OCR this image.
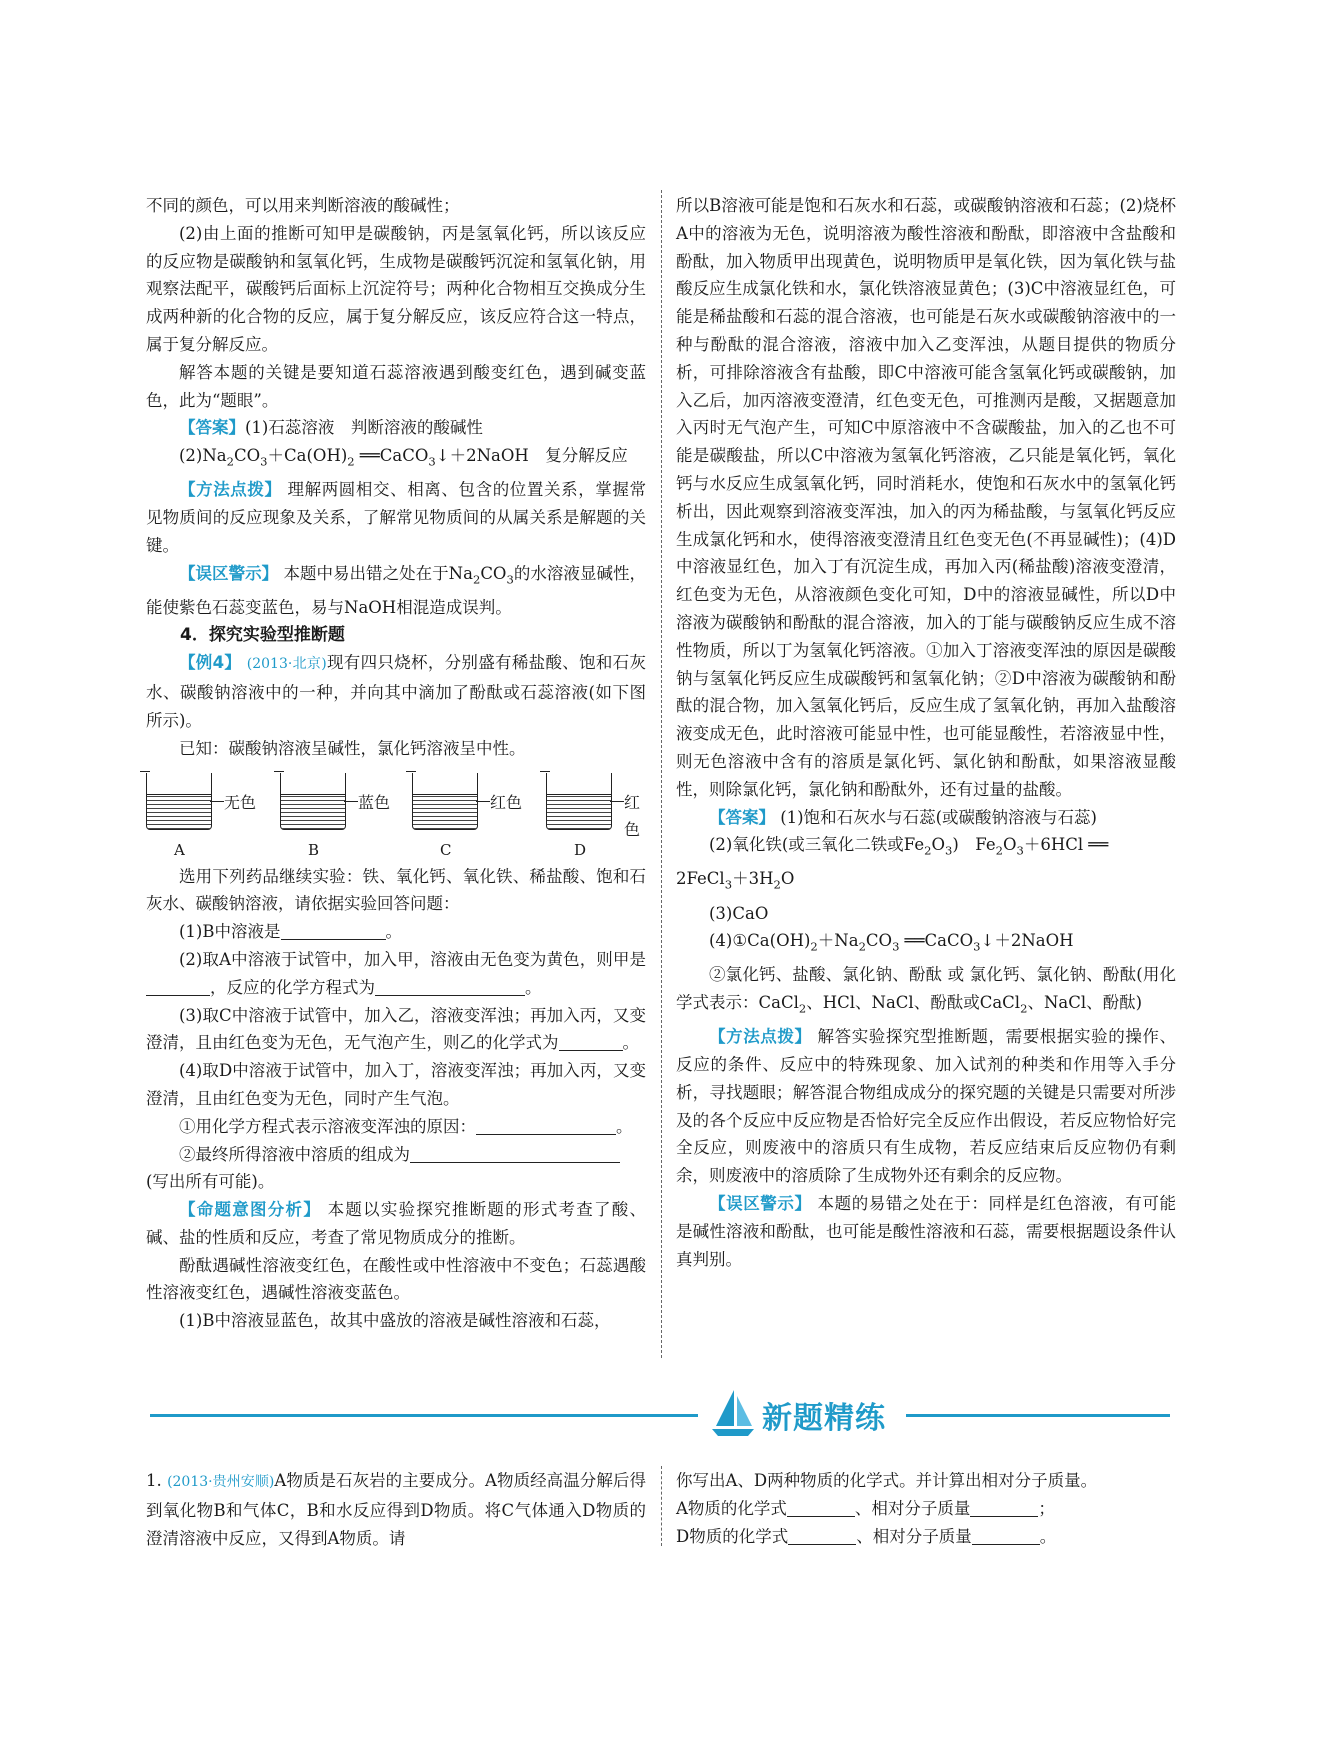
不同的颜色，可以用来判断溶液的酸碱性；

(2)由上面的推断可知甲是碳酸钠，丙是氢氧化钙，所以该反应的反应物是碳酸钠和氢氧化钙，生成物是碳酸钙沉淀和氢氧化钠，用观察法配平，碳酸钙后面标上沉淀符号；两种化合物相互交换成分生成两种新的化合物的反应，属于复分解反应，该反应符合这一特点，属于复分解反应。

解答本题的关键是要知道石蕊溶液遇到酸变红色，遇到碱变蓝色，此为“题眼”。

【答案】(1)石蕊溶液　判断溶液的酸碱性

$(2)Na_2CO_3+Ca(OH)_2$ ══CaCO$_3$↓＋2NaOH　复分解反应

【方法点拨】 理解两圆相交、相离、包含的位置关系，掌握常见物质间的反应现象及关系，了解常见物质间的从属关系是解题的关键。

【误区警示】 本题中易出错之处在于$Na_2CO_3$的水溶液显碱性，能使紫色石蕊变蓝色，易与NaOH相混造成误判。

4．探究实验型推断题

【例4】 (2013·北京)现有四只烧杯，分别盛有稀盐酸、饱和石灰水、碳酸钠溶液中的一种，并向其中滴加了酚酞或石蕊溶液(如下图所示)。

已知：碳酸钠溶液呈碱性，氯化钙溶液呈中性。

无色
A
蓝色
B
红色
C
红色
D

选用下列药品继续实验：铁、氧化钙、氧化铁、稀盐酸、饱和石灰水、碳酸钠溶液，请依据实验回答问题：

(1)B中溶液是	。

(2)取A中溶液于试管中，加入甲，溶液由无色变为黄色，则甲是，反应的化学方程式为	。

(3)取C中溶液于试管中，加入乙，溶液变浑浊；再加入丙，又变澄清，且由红色变为无色，无气泡产生，则乙的化学式为	。

(4)取D中溶液于试管中，加入丁，溶液变浑浊；再加入丙，又变澄清，且由红色变为无色，同时产生气泡。

①用化学方程式表示溶液变浑浊的原因：	。

②最终所得溶液中溶质的组成为

(写出所有可能)。

【命题意图分析】 本题以实验探究推断题的形式考查了酸、碱、盐的性质和反应，考查了常见物质成分的推断。

酚酞遇碱性溶液变红色，在酸性或中性溶液中不变色；石蕊遇酸性溶液变红色，遇碱性溶液变蓝色。

(1)B中溶液显蓝色，故其中盛放的溶液是碱性溶液和石蕊，

所以B溶液可能是饱和石灰水和石蕊，或碳酸钠溶液和石蕊；(2)烧杯A中的溶液为无色，说明溶液为酸性溶液和酚酞，即溶液中含盐酸和酚酞，加入物质甲出现黄色，说明物质甲是氧化铁，因为氧化铁与盐酸反应生成氯化铁和水，氯化铁溶液显黄色；(3)C中溶液显红色，可能是稀盐酸和石蕊的混合溶液，也可能是石灰水或碳酸钠溶液中的一种与酚酞的混合溶液，溶液中加入乙变浑浊，从题目提供的物质分析，可排除溶液含有盐酸，即C中溶液可能含氢氧化钙或碳酸钠，加入乙后，加丙溶液变澄清，红色变无色，可推测丙是酸，又据题意加入丙时无气泡产生，可知C中原溶液中不含碳酸盐，加入的乙也不可能是碳酸盐，所以C中溶液为氢氧化钙溶液，乙只能是氧化钙，氧化钙与水反应生成氢氧化钙，同时消耗水，使饱和石灰水中的氢氧化钙析出，因此观察到溶液变浑浊，加入的丙为稀盐酸，与氢氧化钙反应生成氯化钙和水，使得溶液变澄清且红色变无色(不再显碱性)；(4)D中溶液显红色，加入丁有沉淀生成，再加入丙(稀盐酸)溶液变澄清，红色变为无色，从溶液颜色变化可知，D中的溶液显碱性，所以D中溶液为碳酸钠和酚酞的混合溶液，加入的丁能与碳酸钠反应生成不溶性物质，所以丁为氢氧化钙溶液。①加入丁溶液变浑浊的原因是碳酸钠与氢氧化钙反应生成碳酸钙和氢氧化钠；②D中溶液为碳酸钠和酚酞的混合物，加入氢氧化钙后，反应生成了氢氧化钠，再加入盐酸溶液变成无色，此时溶液可能显中性，也可能显酸性，若溶液显中性，则无色溶液中含有的溶质是氯化钙、氯化钠和酚酞，如果溶液显酸性，则除氯化钙，氯化钠和酚酞外，还有过量的盐酸。

【答案】 (1)饱和石灰水与石蕊(或碳酸钠溶液与石蕊)

(2)氧化铁(或三氧化二铁或$Fe_2O_3$)　$Fe_2O_3+6HCl$ ══

$2FeCl_3+3H_2O$

(3)CaO

$(4)①Ca(OH)_2+Na_2CO_3$ ══CaCO$_3$↓＋2NaOH

②氯化钙、盐酸、氯化钠、酚酞 或 氯化钙、氯化钠、酚酞(用化学式表示：CaCl$_2$、HCl、NaCl、酚酞或CaCl$_2$、NaCl、酚酞)

【方法点拨】 解答实验探究型推断题，需要根据实验的操作、反应的条件、反应中的特殊现象、加入试剂的种类和作用等入手分析，寻找题眼；解答混合物组成成分的探究题的关键是只需要对所涉及的各个反应中反应物是否恰好完全反应作出假设，若反应物恰好完全反应，则废液中的溶质只有生成物，若反应结束后反应物仍有剩余，则废液中的溶质除了生成物外还有剩余的反应物。

【误区警示】 本题的易错之处在于：同样是红色溶液，有可能是碱性溶液和酚酞，也可能是酸性溶液和石蕊，需要根据题设条件认真判别。

新题精练

1. (2013·贵州安顺)A物质是石灰岩的主要成分。A物质经高温分解后得到氧化物B和气体C，B和水反应得到D物质。将C气体通入D物质的澄清溶液中反应，又得到A物质。请

你写出A、D两种物质的化学式。并计算出相对分子质量。

A物质的化学式	、相对分子质量	；

D物质的化学式	、相对分子质量	。
